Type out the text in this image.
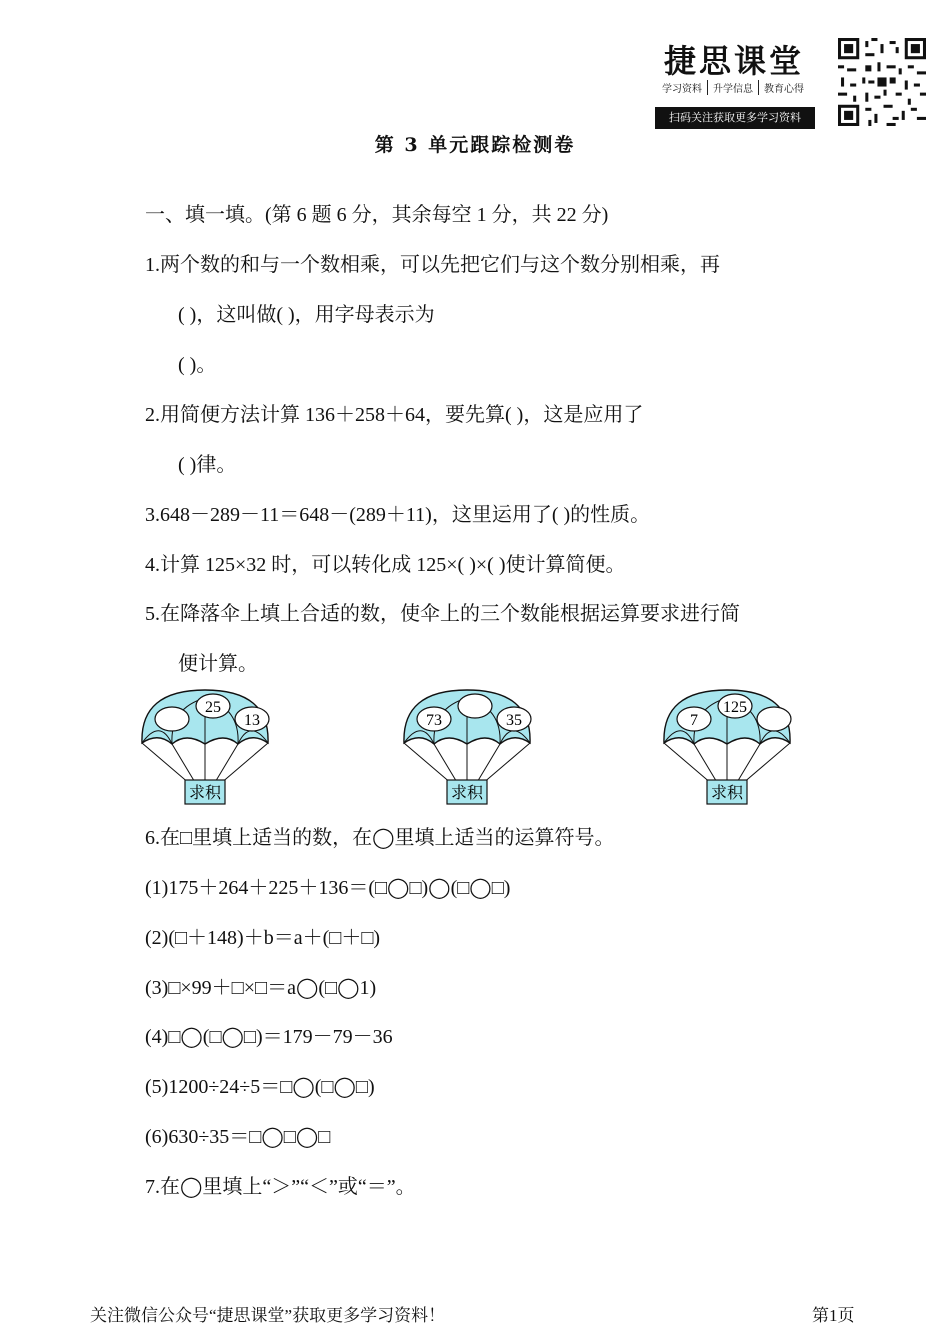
捷思课堂
学习资料	升学信息	教育心得
扫码关注获取更多学习资料
第 3 单元跟踪检测卷
一、填一填。(第 6 题 6 分，其余每空 1 分，共 22 分)
1.两个数的和与一个数相乘，可以先把它们与这个数分别相乘，再
( )，这叫做( )，用字母表示为
( )。
2.用简便方法计算 136＋258＋64，要先算( )，这是应用了
( )律。
3.648－289－11＝648－(289＋11)，这里运用了( )的性质。
4.计算 125×32 时，可以转化成 125×( )×( )使计算简便。
5.在降落伞上填上合适的数，使伞上的三个数能根据运算要求进行简
便计算。
25
13
求积
73	35
求积
7
125
求积
6.在□里填上适当的数，在◯里填上适当的运算符号。
(1)175＋264＋225＋136＝(□◯□)◯(□◯□)
(2)(□＋148)＋b＝a＋(□＋□)
(3)□×99＋□×□＝a◯(□◯1)
(4)□◯(□◯□)＝179－79－36
(5)1200÷24÷5＝□◯(□◯□)
(6)630÷35＝□◯□◯□
7.在◯里填上“＞”“＜”或“＝”。
关注微信公众号“捷思课堂”获取更多学习资料！	第1页
